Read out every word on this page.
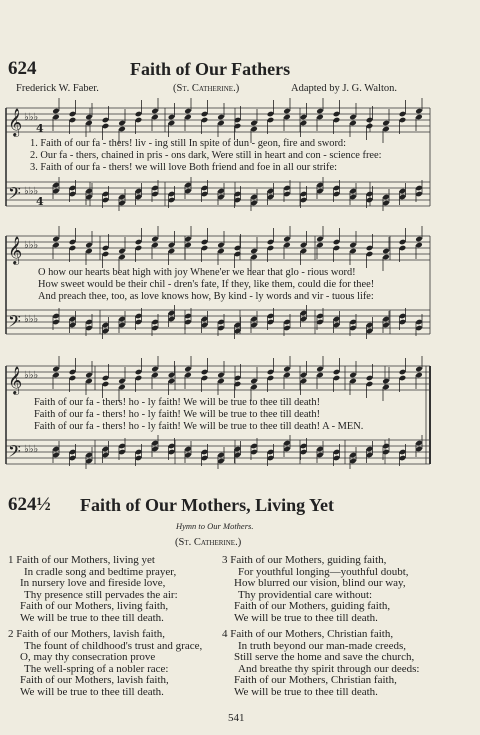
624	Faith of Our Fathers
Frederick W. Faber.	(St. Catherine.)	Adapted by J. G. Walton.
𝄞 ♭♭♭
4
𝄢 ♭♭♭
4
1. Faith of our fa - thers! liv - ing still In spite of dun - geon, fire and sword:
2. Our fa - thers, chained in pris - ons dark, Were still in heart and con - science free:
3. Faith of our fa - thers! we will love Both friend and foe in all our strife:
𝄞 ♭♭♭
𝄢 ♭♭♭
O how our hearts beat high with joy Whene'er we hear that glo - rious word!
How sweet would be their chil - dren's fate, If they, like them, could die for thee!
And preach thee, too, as love knows how, By kind - ly words and vir - tuous life:
𝄞 ♭♭♭
𝄢 ♭♭♭
Faith of our fa - thers! ho - ly faith! We will be true to thee till death!
Faith of our fa - thers! ho - ly faith! We will be true to thee till death!
Faith of our fa - thers! ho - ly faith! We will be true to thee till death! A - MEN.
624½ Faith of Our Mothers, Living Yet
Hymn to Our Mothers.
(St. Catherine.)
1 Faith of our Mothers, living yet
In cradle song and bedtime prayer,
In nursery love and fireside love,
Thy presence still pervades the air:
Faith of our Mothers, living faith,
We will be true to thee till death.
2 Faith of our Mothers, lavish faith,
The fount of childhood's trust and grace,
O, may thy consecration prove
The well-spring of a nobler race:
Faith of our Mothers, lavish faith,
We will be true to thee till death.
3 Faith of our Mothers, guiding faith,
For youthful longing—youthful doubt,
How blurred our vision, blind our way,
Thy providential care without:
Faith of our Mothers, guiding faith,
We will be true to thee till death.
4 Faith of our Mothers, Christian faith,
In truth beyond our man-made creeds,
Still serve the home and save the church,
And breathe thy spirit through our deeds:
Faith of our Mothers, Christian faith,
We will be true to thee till death.
541
